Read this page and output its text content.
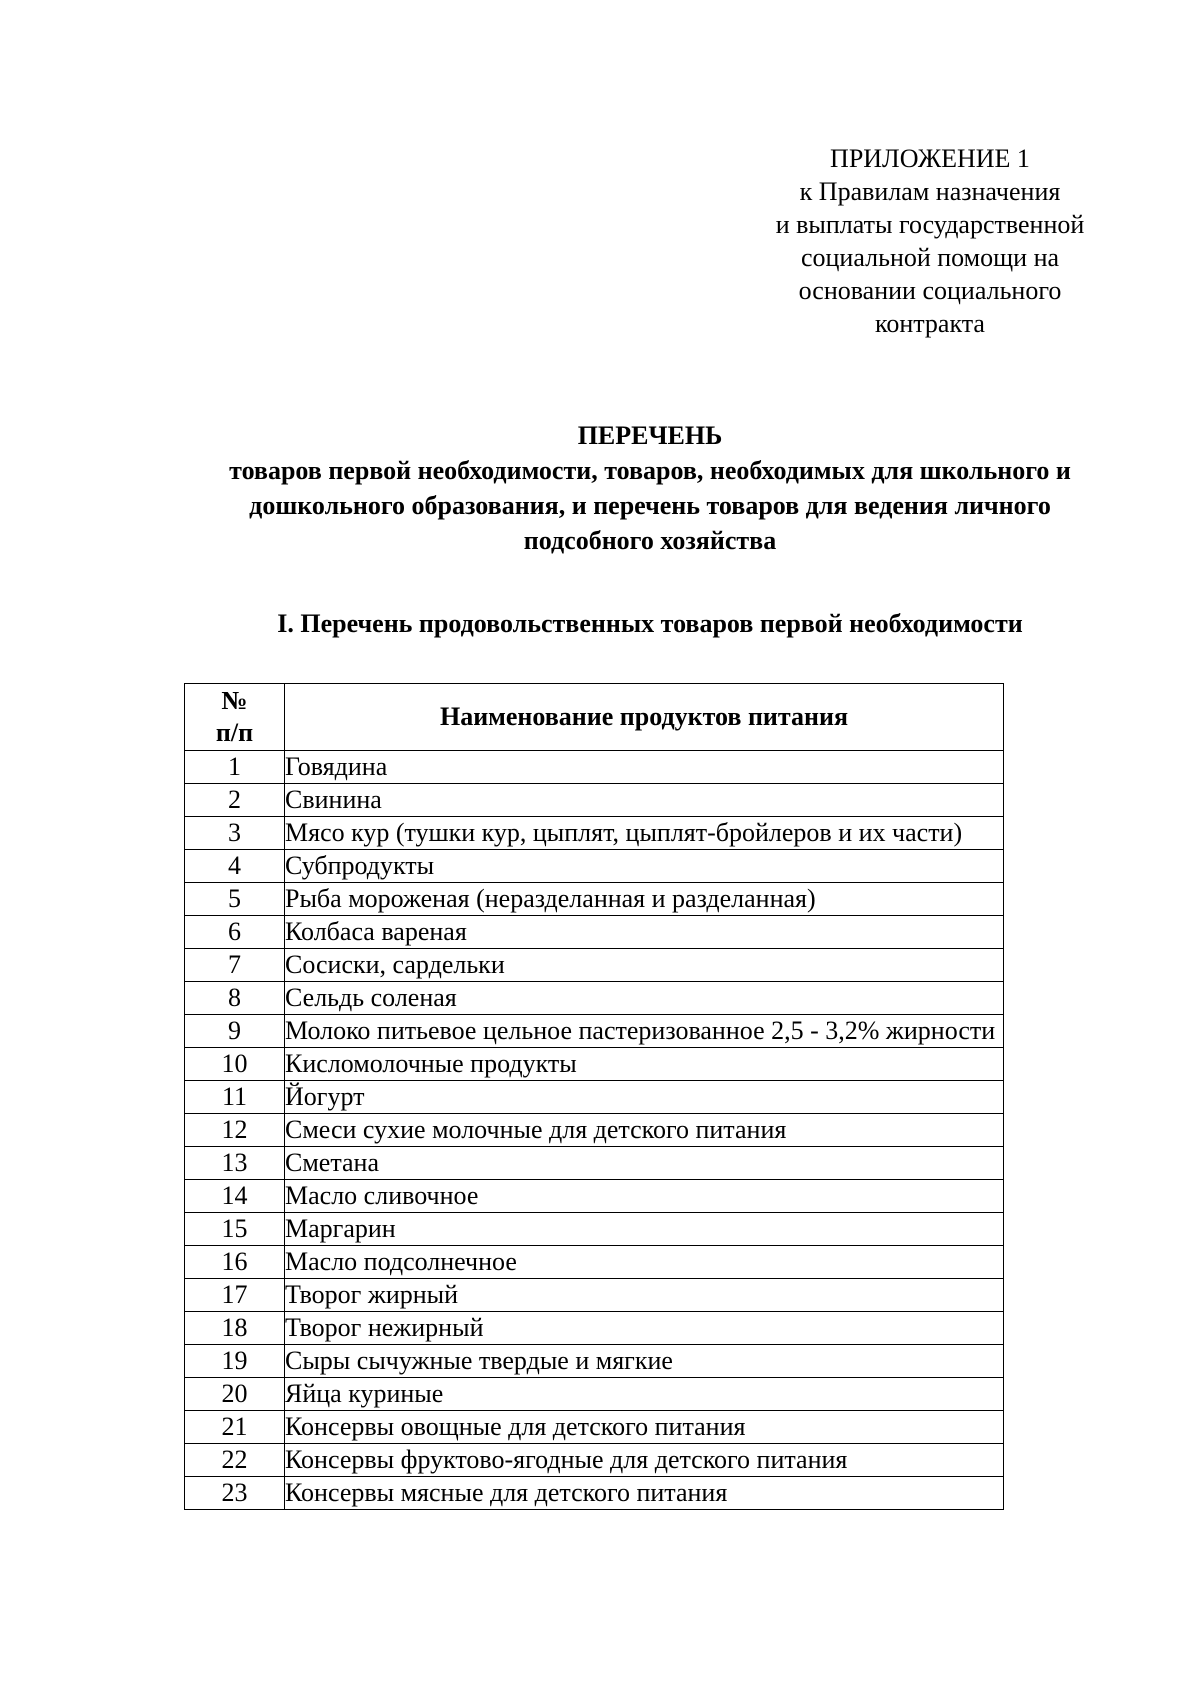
ПРИЛОЖЕНИЕ 1
к Правилам назначения
и выплаты государственной
социальной помощи на
основании социального
контракта
ПЕРЕЧЕНЬ
товаров первой необходимости, товаров, необходимых для школьного и
дошкольного образования, и перечень товаров для ведения личного
подсобного хозяйства
I. Перечень продовольственных товаров первой необходимости
№
п/п	Наименование продуктов питания
1	Говядина
2	Свинина
3	Мясо кур (тушки кур, цыплят, цыплят-бройлеров и их части)
4	Субпродукты
5	Рыба мороженая (неразделанная и разделанная)
6	Колбаса вареная
7	Сосиски, сардельки
8	Сельдь соленая
9	Молоко питьевое цельное пастеризованное 2,5 - 3,2% жирности
10	Кисломолочные продукты
11	Йогурт
12	Смеси сухие молочные для детского питания
13	Сметана
14	Масло сливочное
15	Маргарин
16	Масло подсолнечное
17	Творог жирный
18	Творог нежирный
19	Сыры сычужные твердые и мягкие
20	Яйца куриные
21	Консервы овощные для детского питания
22	Консервы фруктово-ягодные для детского питания
23	Консервы мясные для детского питания
